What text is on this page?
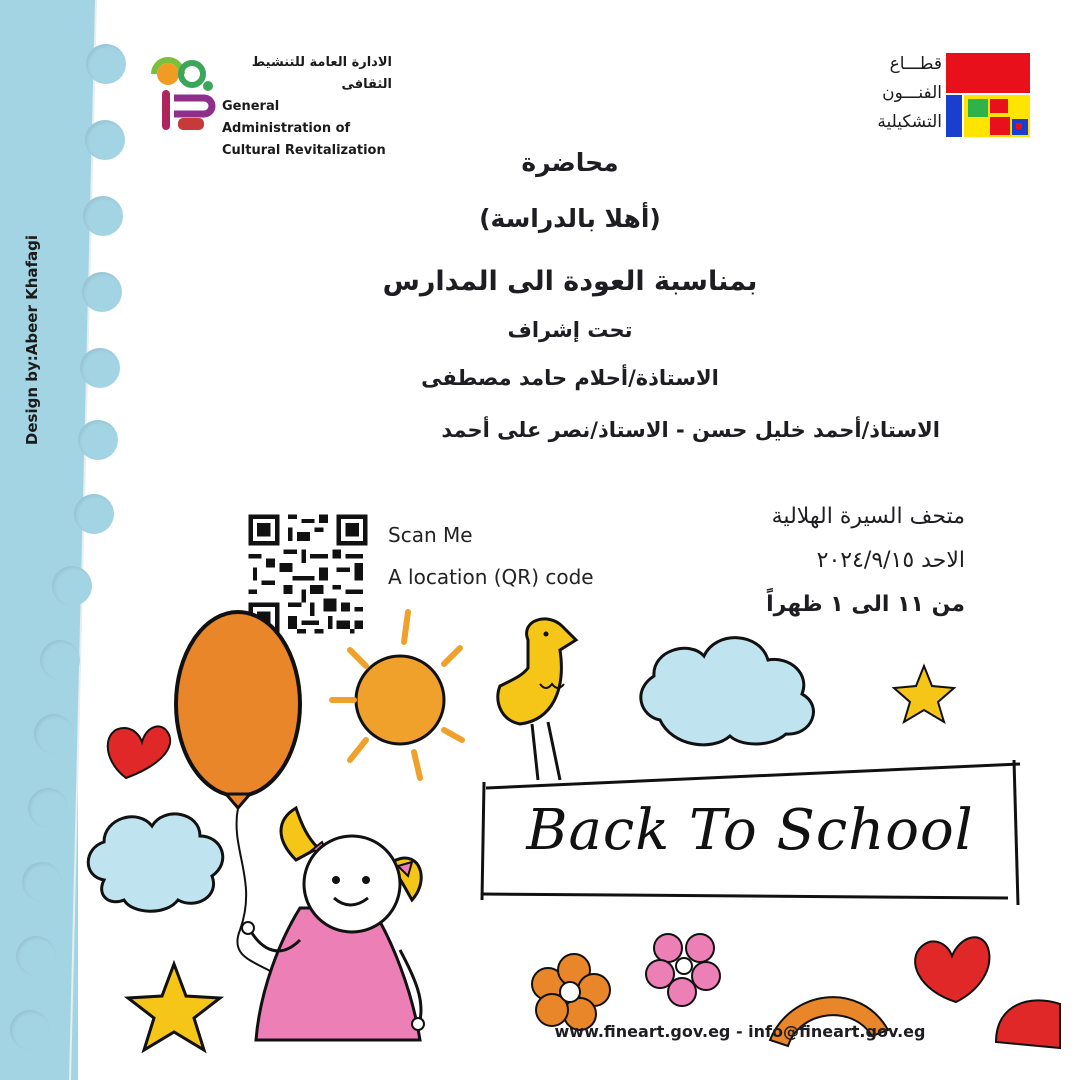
Design by:Abeer Khafagi
الادارة العامة للتنشيط الثقافى
General Administration of
Cultural Revitalization
قطـــاع
الفنـــون
التشكيلية
محاضرة
(أهلا بالدراسة)
بمناسبة العودة الى المدارس
تحت إشراف
الاستاذة/أحلام حامد مصطفى
الاستاذ/أحمد خليل حسن - الاستاذ/نصر على أحمد
Scan Me
A location (QR) code
متحف السيرة الهلالية
الاحد ٢٠٢٤/٩/١٥
من ١١ الى ١ ظهراً
Back To School
www.fineart.gov.eg - info@fineart.gov.eg
